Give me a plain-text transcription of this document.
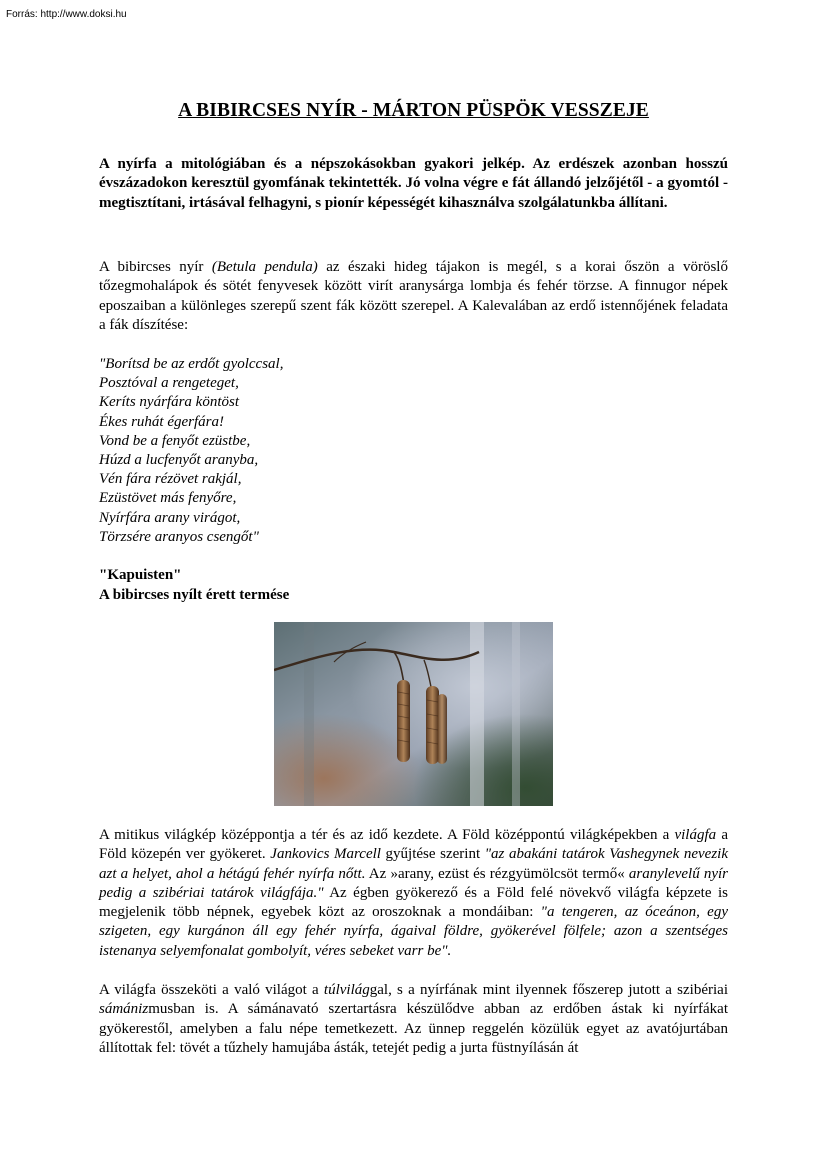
Forrás: http://www.doksi.hu
A BIBIRCSES NYÍR - MÁRTON PÜSPÖK VESSZEJE

A nyírfa a mitológiában és a népszokásokban gyakori jelkép. Az erdészek azonban hosszú évszázadokon keresztül gyomfának tekintették. Jó volna végre e fát állandó jelzőjétől - a gyomtól - megtisztítani, irtásával felhagyni, s pionír képességét kihasználva szolgálatunkba állítani.

A bibircses nyír (Betula pendula) az északi hideg tájakon is megél, s a korai őszön a vöröslő tőzegmohalápok és sötét fenyvesek között virít aranysárga lombja és fehér törzse. A finnugor népek eposzaiban a különleges szerepű szent fák között szerepel. A Kalevalában az erdő istennőjének feladata a fák díszítése:

"Borítsd be az erdőt gyolccsal,
Posztóval a rengeteget,
Keríts nyárfára köntöst
Ékes ruhát égerfára!
Vond be a fenyőt ezüstbe,
Húzd a lucfenyőt aranyba,
Vén fára rézövet rakjál,
Ezüstövet más fenyőre,
Nyírfára arany virágot,
Törzsére aranyos csengőt"
"Kapuisten"
A bibircses nyílt érett termése

A mitikus világkép középpontja a tér és az idő kezdete. A Föld középpontú világképekben a világfa a Föld közepén ver gyökeret. Jankovics Marcell gyűjtése szerint "az abakáni tatárok Vashegynek nevezik azt a helyet, ahol a hétágú fehér nyírfa nőtt. Az »arany, ezüst és rézgyümölcsöt termő« aranylevelű nyír pedig a szibériai tatárok világfája." Az égben gyökerező és a Föld felé növekvő világfa képzete is megjelenik több népnek, egyebek közt az oroszoknak a mondáiban: "a tengeren, az óceánon, egy szigeten, egy kurgánon áll egy fehér nyírfa, ágaival földre, gyökerével fölfele; azon a szentséges istenanya selyemfonalat gombolyít, véres sebeket varr be".

A világfa összeköti a való világot a túlvilággal, s a nyírfának mint ilyennek főszerep jutott a szibériai sámánizmusban is. A sámánavató szertartásra készülődve abban az erdőben ástak ki nyírfákat gyökerestől, amelyben a falu népe temetkezett. Az ünnep reggelén közülük egyet az avatójurtában állítottak fel: tövét a tűzhely hamujába ásták, tetejét pedig a jurta füstnyílásán át
